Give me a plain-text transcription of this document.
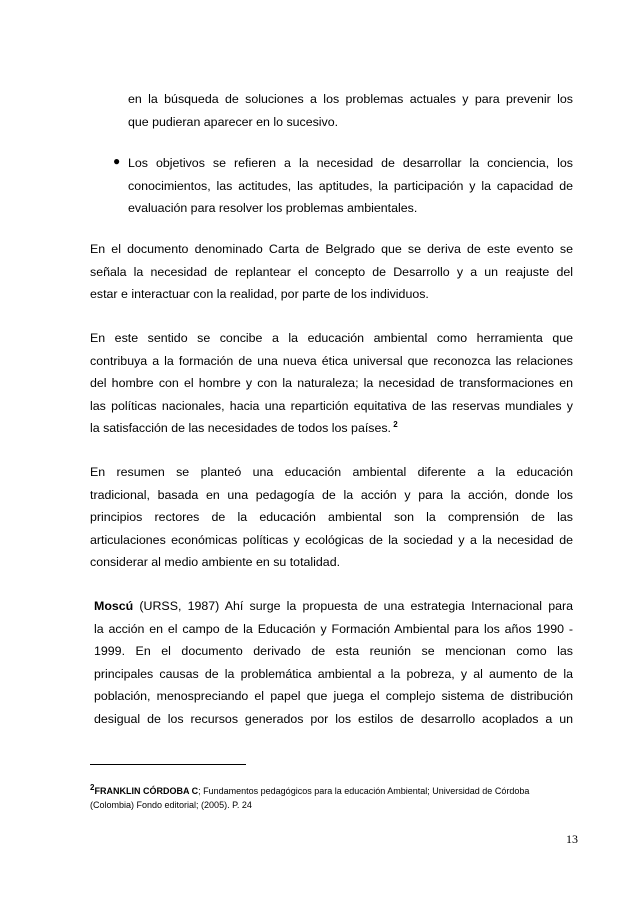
en la búsqueda de soluciones a los problemas actuales y para prevenir los
que pudieran aparecer en lo sucesivo.
● Los objetivos se refieren a la necesidad de desarrollar la conciencia, los
conocimientos, las actitudes, las aptitudes, la participación y la capacidad de
evaluación para resolver los problemas ambientales.
En el documento denominado Carta de Belgrado que se deriva de este evento se
señala la necesidad de replantear el concepto de Desarrollo y a un reajuste del
estar e interactuar con la realidad, por parte de los individuos.
En este sentido se concibe a la educación ambiental como herramienta que
contribuya a la formación de una nueva ética universal que reconozca las relaciones
del hombre con el hombre y con la naturaleza; la necesidad de transformaciones en
las políticas nacionales, hacia una repartición equitativa de las reservas mundiales y
la satisfacción de las necesidades de todos los países. $^2$
En resumen se planteó una educación ambiental diferente a la educación
tradicional, basada en una pedagogía de la acción y para la acción, donde los
principios rectores de la educación ambiental son la comprensión de las
articulaciones económicas políticas y ecológicas de la sociedad y a la necesidad de
considerar al medio ambiente en su totalidad.
Moscú (URSS, 1987) Ahí surge la propuesta de una estrategia Internacional para
la acción en el campo de la Educación y Formación Ambiental para los años 1990 -
1999. En el documento derivado de esta reunión se mencionan como las
principales causas de la problemática ambiental a la pobreza, y al aumento de la
población, menospreciando el papel que juega el complejo sistema de distribución
desigual de los recursos generados por los estilos de desarrollo acoplados a un
$^2$FRANKLIN CÓRDOBA C; Fundamentos pedagógicos para la educación Ambiental; Universidad de Córdoba (Colombia) Fondo editorial; (2005). P. 24
13
